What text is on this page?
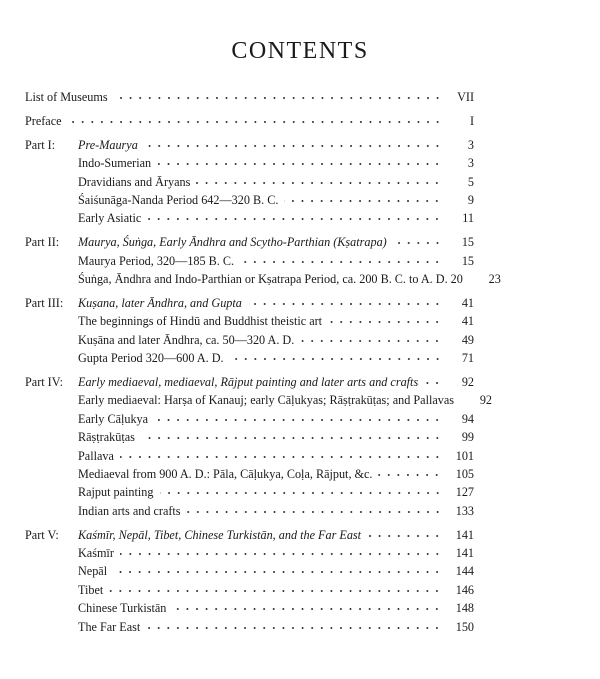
CONTENTS
List of Museums	VII
Preface	I
Part I:	Pre-Maurya	3
Indo-Sumerian	3
Dravidians and Āryans	5
Śaiśunāga-Nanda Period 642—320 B. C.	9
Early Asiatic	11
Part II:	Maurya, Śuṅga, Early Āndhra and Scytho-Parthian (Kṣatrapa)	15
Maurya Period, 320—185 B. C.	15
Śuṅga, Āndhra and Indo-Parthian or Kṣatrapa Period, ca. 200 B. C. to A. D. 20	23
Part III:	Kuṣana, later Āndhra, and Gupta	41
The beginnings of Hindū and Buddhist theistic art	41
Kuṣāna and later Āndhra, ca. 50—320 A. D.	49
Gupta Period 320—600 A. D.	71
Part IV:	Early mediaeval, mediaeval, Rājput painting and later arts and crafts	92
Early mediaeval: Harṣa of Kanauj; early Cāḷukyas; Rāṣṭrakūṭas; and Pallavas	92
Early Cāḷukya	94
Rāṣṭrakūṭas	99
Pallava	101
Mediaeval from 900 A. D.: Pāla, Cāḷukya, Coḷa, Rājput, &c.	105
Rajput painting	127
Indian arts and crafts	133
Part V:	Kaśmīr, Nepāl, Tibet, Chinese Turkistān, and the Far East	141
Kaśmīr	141
Nepāl	144
Tibet	146
Chinese Turkistān	148
The Far East	150
